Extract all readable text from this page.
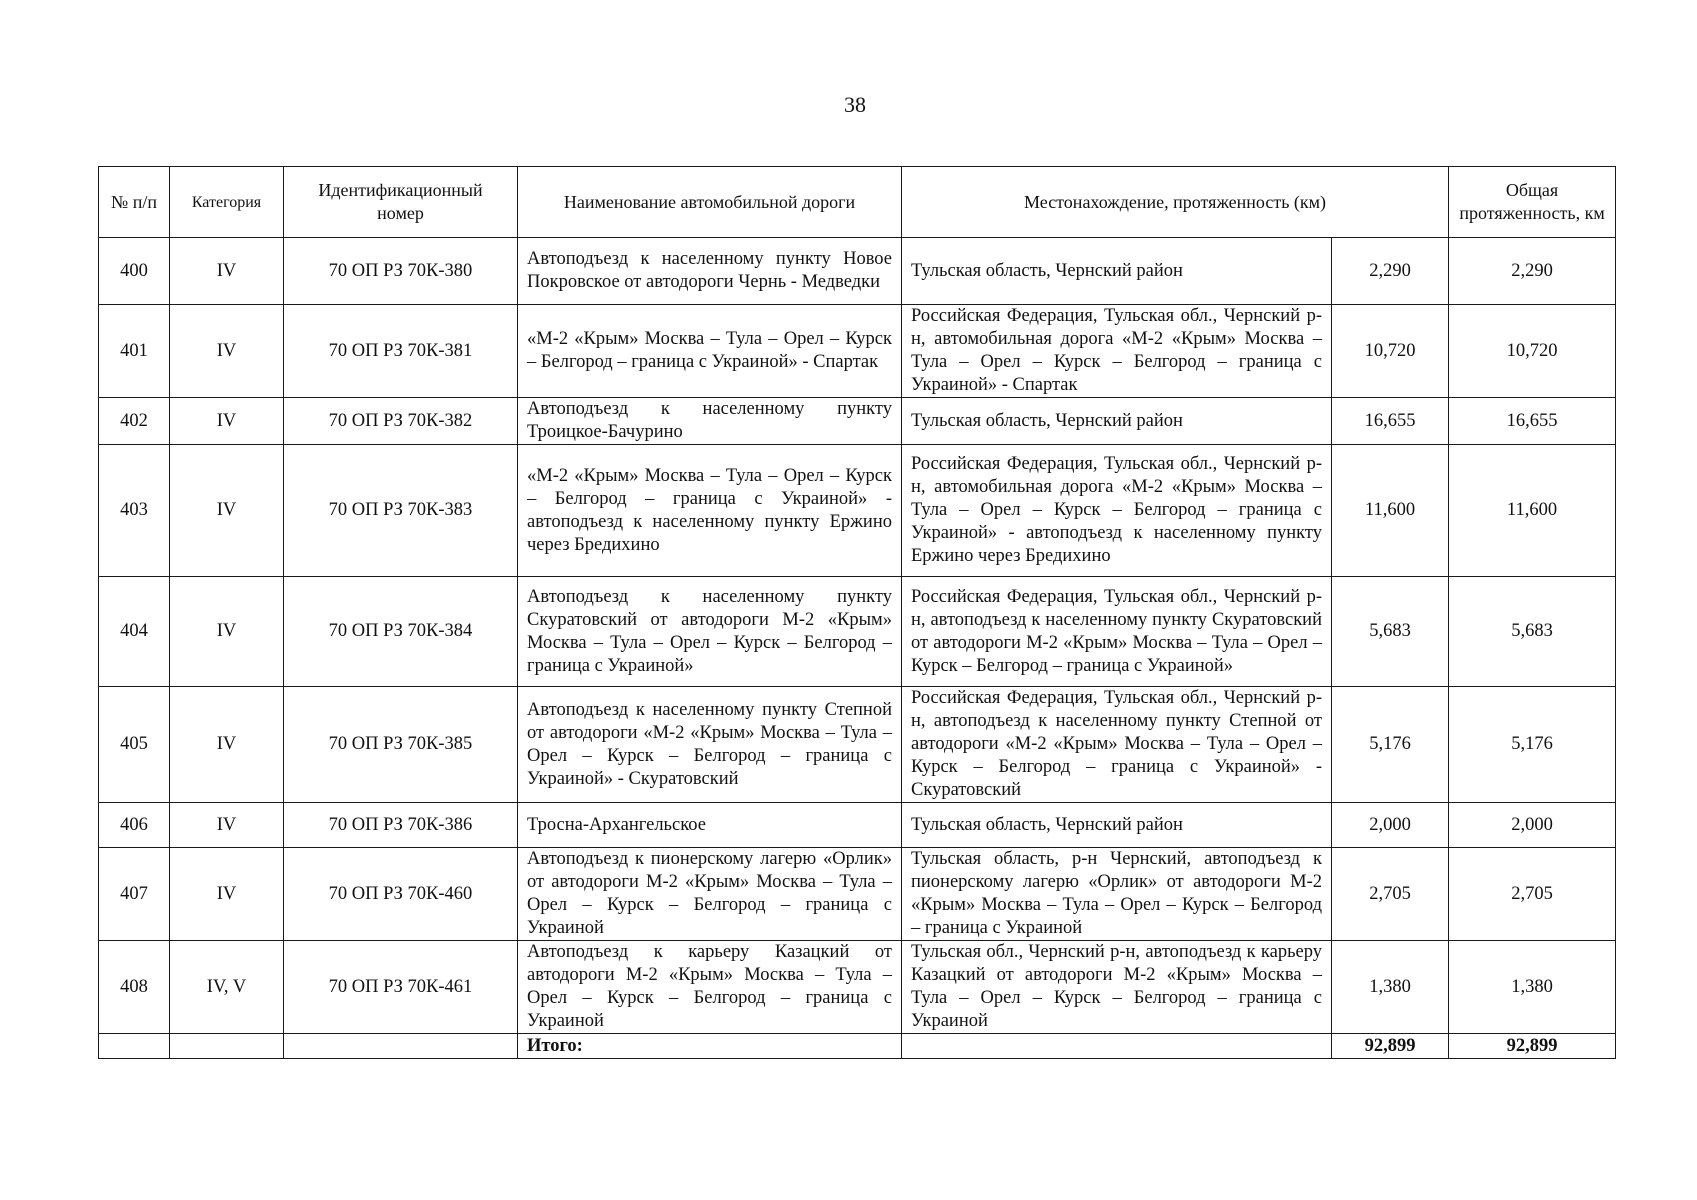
38
№ п/п	Категория	Идентификационный номер	Наименование автомобильной дороги	Местонахождение, протяженность (км)		Общая протяженность, км
400	IV	70 ОП РЗ 70К-380	Автоподъезд к населенному пункту Новое Покровское от автодороги Чернь - Медведки	Тульская область, Чернский район	2,290	2,290
401	IV	70 ОП РЗ 70К-381	«М-2 «Крым» Москва – Тула – Орел – Курск – Белгород – граница с Украиной» - Спартак	Российская Федерация, Тульская обл., Чернский р-н, автомобильная дорога «М-2 «Крым» Москва – Тула – Орел – Курск – Белгород – граница с Украиной» - Спартак	10,720	10,720
402	IV	70 ОП РЗ 70К-382	Автоподъезд к населенному пункту Троицкое-Бачурино	Тульская область, Чернский район	16,655	16,655
403	IV	70 ОП РЗ 70К-383	«М-2 «Крым» Москва – Тула – Орел – Курск – Белгород – граница с Украиной» - автоподъезд к населенному пункту Ержино через Бредихино	Российская Федерация, Тульская обл., Чернский р-н, автомобильная дорога «М-2 «Крым» Москва – Тула – Орел – Курск – Белгород – граница с Украиной» - автоподъезд к населенному пункту Ержино через Бредихино	11,600	11,600
404	IV	70 ОП РЗ 70К-384	Автоподъезд к населенному пункту Скуратовский от автодороги М-2 «Крым» Москва – Тула – Орел – Курск – Белгород – граница с Украиной»	Российская Федерация, Тульская обл., Чернский р-н, автоподъезд к населенному пункту Скуратовский от автодороги М-2 «Крым» Москва – Тула – Орел – Курск – Белгород – граница с Украиной»	5,683	5,683
405	IV	70 ОП РЗ 70К-385	Автоподъезд к населенному пункту Степной от автодороги «М-2 «Крым» Москва – Тула – Орел – Курск – Белгород – граница с Украиной» - Скуратовский	Российская Федерация, Тульская обл., Чернский р-н, автоподъезд к населенному пункту Степной от автодороги «М-2 «Крым» Москва – Тула – Орел – Курск – Белгород – граница с Украиной» - Скуратовский	5,176	5,176
406	IV	70 ОП РЗ 70К-386	Тросна-Архангельское	Тульская область, Чернский район	2,000	2,000
407	IV	70 ОП РЗ 70К-460	Автоподъезд к пионерскому лагерю «Орлик» от автодороги М-2 «Крым» Москва – Тула – Орел – Курск – Белгород – граница с Украиной	Тульская область, р-н Чернский, автоподъезд к пионерскому лагерю «Орлик» от автодороги М-2 «Крым» Москва – Тула – Орел – Курск – Белгород – граница с Украиной	2,705	2,705
408	IV, V	70 ОП РЗ 70К-461	Автоподъезд к карьеру Казацкий от автодороги М-2 «Крым» Москва – Тула – Орел – Курск – Белгород – граница с Украиной	Тульская обл., Чернский р-н, автоподъезд к карьеру Казацкий от автодороги М-2 «Крым» Москва – Тула – Орел – Курск – Белгород – граница с Украиной	1,380	1,380
			Итого:		92,899	92,899
